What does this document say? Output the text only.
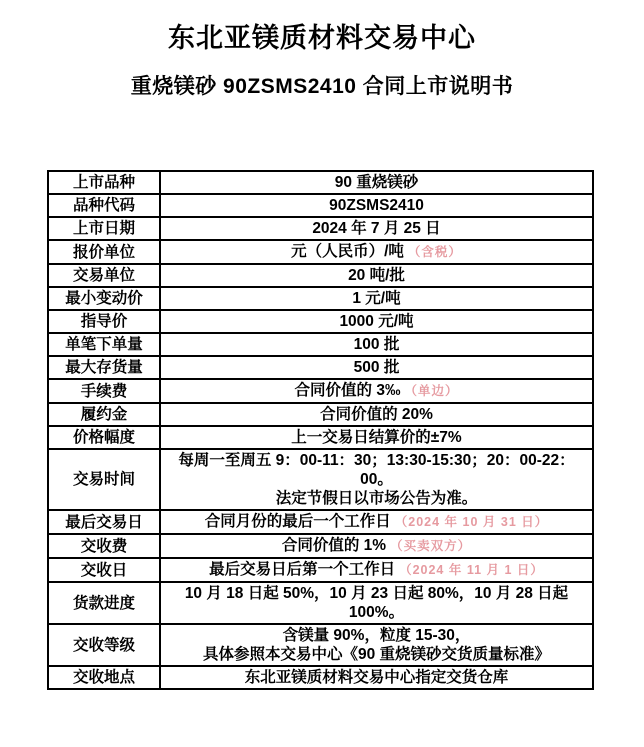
东北亚镁质材料交易中心
重烧镁砂 90ZSMS2410 合同上市说明书
上市品种	90 重烧镁砂
品种代码	90ZSMS2410
上市日期	2024 年 7 月 25 日
报价单位	元（人民币）/吨 （含税）
交易单位	20 吨/批
最小变动价	1 元/吨
指导价	1000 元/吨
单笔下单量	100 批
最大存货量	500 批
手续费	合同价值的 3‰ （单边）
履约金	合同价值的 20%
价格幅度	上一交易日结算价的±7%
交易时间	每周一至周五 9：00-11：30；13:30-15:30；20：00-22：00。
法定节假日以市场公告为准。
最后交易日	合同月份的最后一个工作日 （2024 年 10 月 31 日）
交收费	合同价值的 1% （买卖双方）
交收日	最后交易日后第一个工作日 （2024 年 11 月 1 日）
货款进度	10 月 18 日起 50%，10 月 23 日起 80%，10 月 28 日起 100%。
交收等级	含镁量 90%，粒度 15-30，
具体参照本交易中心《90 重烧镁砂交货质量标准》
交收地点	东北亚镁质材料交易中心指定交货仓库
